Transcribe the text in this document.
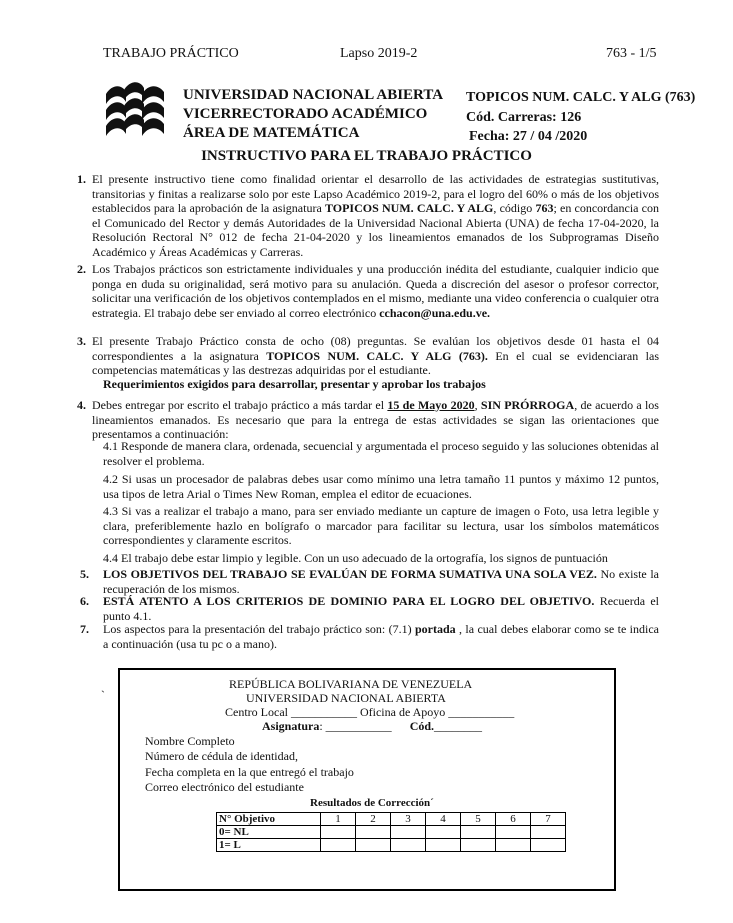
TRABAJO PRÁCTICO	Lapso 2019-2	763 - 1/5
UNIVERSIDAD NACIONAL ABIERTA
VICERRECTORADO ACADÉMICO
ÁREA DE MATEMÁTICA
TOPICOS NUM. CALC. Y ALG (763)
Cód. Carreras: 126
Fecha: 27 / 04 /2020
INSTRUCTIVO PARA EL TRABAJO PRÁCTICO
1. El presente instructivo tiene como finalidad orientar el desarrollo de las actividades de estrategias sustitutivas, transitorias y finitas a realizarse solo por este Lapso Académico 2019-2, para el logro del 60% o más de los objetivos establecidos para la aprobación de la asignatura TOPICOS NUM. CALC. Y ALG, código 763; en concordancia con el Comunicado del Rector y demás Autoridades de la Universidad Nacional Abierta (UNA) de fecha 17-04-2020, la Resolución Rectoral N° 012 de fecha 21-04-2020 y los lineamientos emanados de los Subprogramas Diseño Académico y Áreas Académicas y Carreras.
2. Los Trabajos prácticos son estrictamente individuales y una producción inédita del estudiante, cualquier indicio que ponga en duda su originalidad, será motivo para su anulación. Queda a discreción del asesor o profesor corrector, solicitar una verificación de los objetivos contemplados en el mismo, mediante una video conferencia o cualquier otra estrategia. El trabajo debe ser enviado al correo electrónico cchacon@una.edu.ve.
3. El presente Trabajo Práctico consta de ocho (08) preguntas. Se evalúan los objetivos desde 01 hasta el 04 correspondientes a la asignatura TOPICOS NUM. CALC. Y ALG (763). En el cual se evidenciaran las competencias matemáticas y las destrezas adquiridas por el estudiante.
Requerimientos exigidos para desarrollar, presentar y aprobar los trabajos
4. Debes entregar por escrito el trabajo práctico a más tardar el 15 de Mayo 2020, SIN PRÓRROGA, de acuerdo a los lineamientos emanados. Es necesario que para la entrega de estas actividades se sigan las orientaciones que presentamos a continuación:
4.1 Responde de manera clara, ordenada, secuencial y argumentada el proceso seguido y las soluciones obtenidas al resolver el problema.
4.2 Si usas un procesador de palabras debes usar como mínimo una letra tamaño 11 puntos y máximo 12 puntos, usa tipos de letra Arial o Times New Roman, emplea el editor de ecuaciones.
4.3 Si vas a realizar el trabajo a mano, para ser enviado mediante un capture de imagen o Foto, usa letra legible y clara, preferiblemente hazlo en bolígrafo o marcador para facilitar su lectura, usar los símbolos matemáticos correspondientes y claramente escritos.
4.4 El trabajo debe estar limpio y legible. Con un uso adecuado de la ortografía, los signos de puntuación
5. LOS OBJETIVOS DEL TRABAJO SE EVALÚAN DE FORMA SUMATIVA UNA SOLA VEZ. No existe la recuperación de los mismos.
6. ESTÁ ATENTO A LOS CRITERIOS DE DOMINIO PARA EL LOGRO DEL OBJETIVO. Recuerda el punto 4.1.
7. Los aspectos para la presentación del trabajo práctico son: (7.1) portada , la cual debes elaborar como se te indica a continuación (usa tu pc o a mano).
`
REPÚBLICA BOLIVARIANA DE VENEZUELA
UNIVERSIDAD NACIONAL ABIERTA
Centro Local ___________ Oficina de Apoyo ___________
Asignatura: ___________ Cód.________
Nombre Completo
Número de cédula de identidad,
Fecha completa en la que entregó el trabajo
Correo electrónico del estudiante
Resultados de Corrección´
N° Objetivo	1	2	3	4	5	6	7
0= NL							
1= L							
